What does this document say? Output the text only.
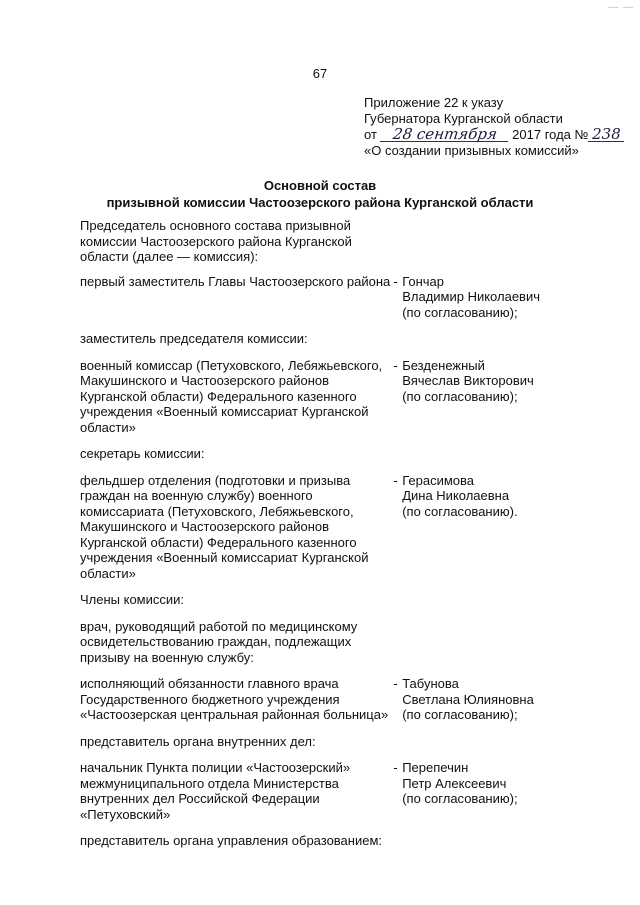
— —
67
Приложение 22 к указу
Губернатора Курганской области
от 28 сентября 2017 года № 238
«О создании призывных комиссий»
Основной состав
призывной комиссии Частоозерского района Курганской области
Председатель основного состава призывной комиссии Частоозерского района Курганской области (далее — комиссия):
первый заместитель Главы Частоозерского района - Гончар
Владимир Николаевич
(по согласованию);
заместитель председателя комиссии:
военный комиссар (Петуховского, Лебяжьевского, Макушинского и Частоозерского районов Курганской области) Федерального казенного учреждения «Военный комиссариат Курганской области»
- Безденежный
Вячеслав Викторович
(по согласованию);
секретарь комиссии:
фельдшер отделения (подготовки и призыва граждан на военную службу) военного комиссариата (Петуховского, Лебяжьевского, Макушинского и Частоозерского районов Курганской области) Федерального казенного учреждения «Военный комиссариат Курганской области»
- Герасимова
Дина Николаевна
(по согласованию).
Члены комиссии:
врач, руководящий работой по медицинскому освидетельствованию граждан, подлежащих призыву на военную службу:
исполняющий обязанности главного врача Государственного бюджетного учреждения «Частоозерская центральная районная больница»
- Табунова
Светлана Юлияновна
(по согласованию);
представитель органа внутренних дел:
начальник Пункта полиции «Частоозерский» межмуниципального отдела Министерства внутренних дел Российской Федерации «Петуховский»
- Перепечин
Петр Алексеевич
(по согласованию);
представитель органа управления образованием:
